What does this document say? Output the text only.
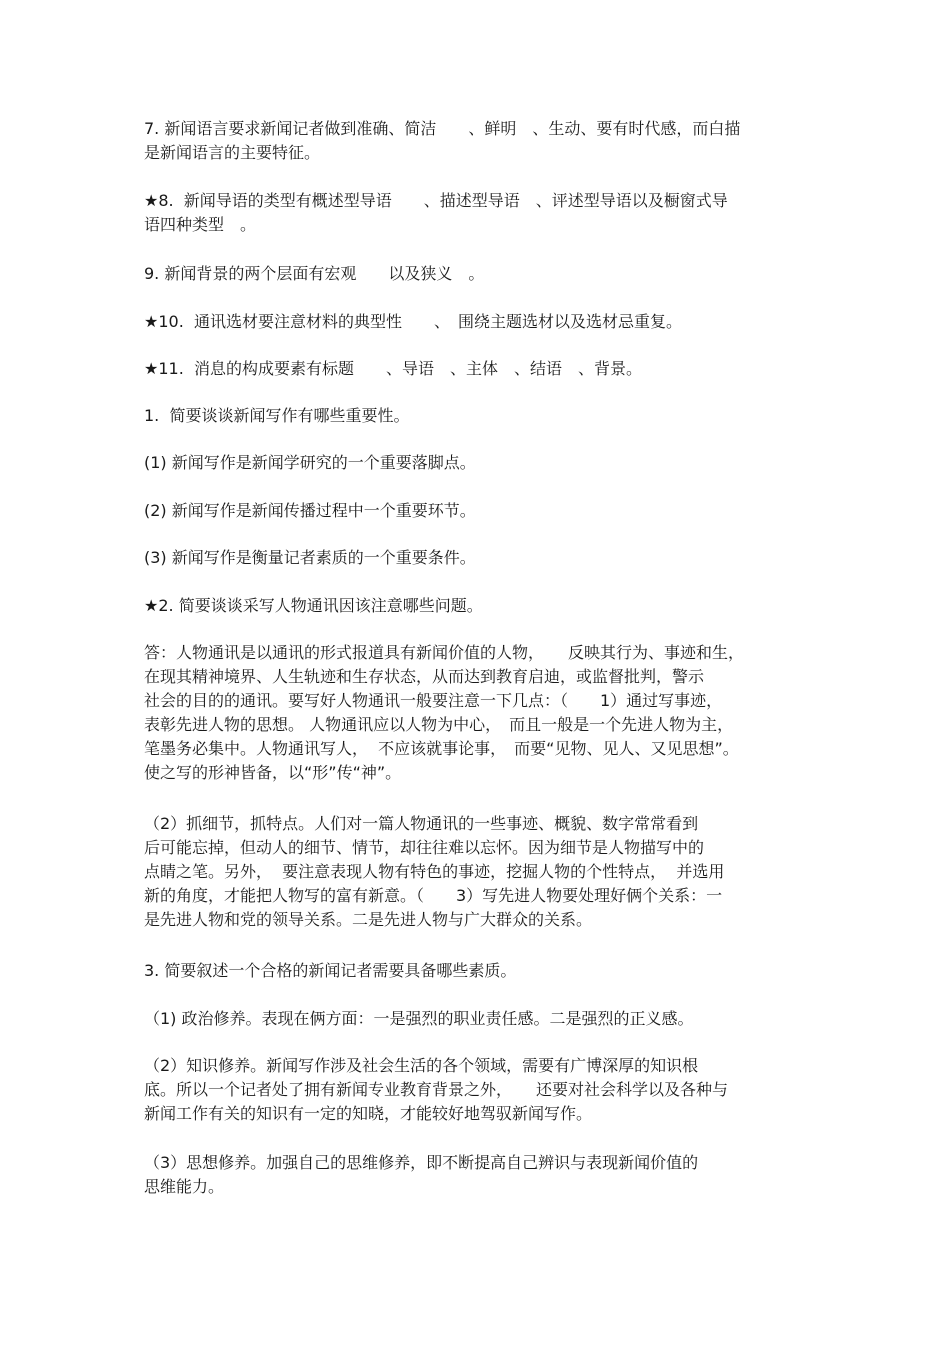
7. 新闻语言要求新闻记者做到准确、简洁　　、鲜明　、生动、要有时代感，而白描
是新闻语言的主要特征。
★8.  新闻导语的类型有概述型导语　　、描述型导语　、评述型导语以及橱窗式导
语四种类型　。
9. 新闻背景的两个层面有宏观　　以及狭义　。
★10.  通讯选材要注意材料的典型性　　、　围绕主题选材以及选材忌重复。
★11.  消息的构成要素有标题　　、导语　、主体　、结语　、背景。
1.  简要谈谈新闻写作有哪些重要性。
(1) 新闻写作是新闻学研究的一个重要落脚点。
(2) 新闻写作是新闻传播过程中一个重要环节。
(3) 新闻写作是衡量记者素质的一个重要条件。
★2. 简要谈谈采写人物通讯因该注意哪些问题。
答：人物通讯是以通讯的形式报道具有新闻价值的人物，　　反映其行为、事迹和生，
在现其精神境界、人生轨迹和生存状态，从而达到教育启迪，或监督批判，警示
社会的目的的通讯。要写好人物通讯一般要注意一下几点：（　　1）通过写事迹，
表彰先进人物的思想。 人物通讯应以人物为中心，　而且一般是一个先进人物为主，
笔墨务必集中。人物通讯写人，  不应该就事论事，　而要“见物、见人、又见思想”。
使之写的形神皆备，以“形”传“神”。
（2）抓细节，抓特点。人们对一篇人物通讯的一些事迹、概貌、数字常常看到
后可能忘掉，但动人的细节、情节，却往往难以忘怀。因为细节是人物描写中的
点睛之笔。另外，  要注意表现人物有特色的事迹，挖掘人物的个性特点，  并选用
新的角度，才能把人物写的富有新意。（　　3）写先进人物要处理好俩个关系：一
是先进人物和党的领导关系。二是先进人物与广大群众的关系。
3. 简要叙述一个合格的新闻记者需要具备哪些素质。
（1) 政治修养。表现在俩方面：一是强烈的职业责任感。二是强烈的正义感。
（2）知识修养。新闻写作涉及社会生活的各个领域，需要有广博深厚的知识根
底。所以一个记者处了拥有新闻专业教育背景之外，　　还要对社会科学以及各种与
新闻工作有关的知识有一定的知晓，才能较好地驾驭新闻写作。
（3）思想修养。加强自己的思维修养，即不断提高自己辨识与表现新闻价值的
思维能力。
